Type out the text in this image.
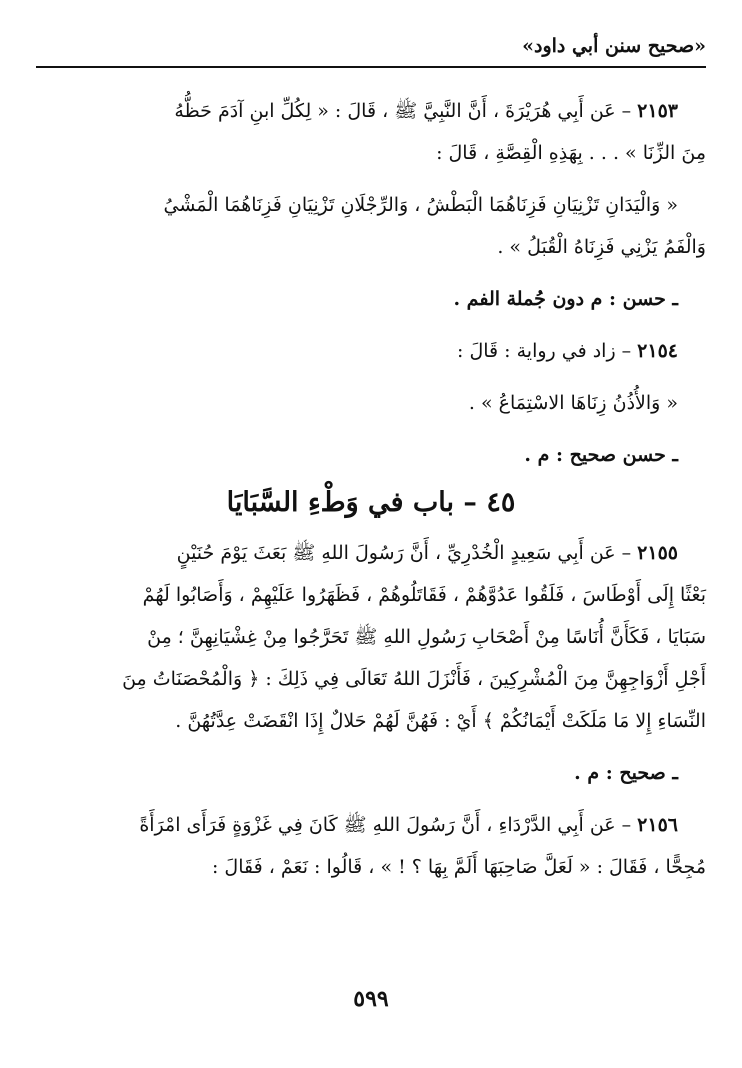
«صحيح سنن أبي داود»

٢١٥٣– عَن أَبِي هُرَيْرَةَ ، أَنَّ النَّبِيَّ ﷺ ، قَالَ : « لِكُلِّ ابنِ آدَمَ حَظُّهُ

مِنَ الزِّنَا » . . . بِهَذِهِ الْقِصَّةِ ، قَالَ :

« وَالْيَدَانِ تَزْنِيَانِ فَزِنَاهُمَا الْبَطْشُ ، وَالرِّجْلَانِ تَزْنِيَانِ فَزِنَاهُمَا الْمَشْيُ

وَالْفَمُ يَزْنِي فَزِنَاهُ الْقُبَلُ » .

ـ حسن : م دون جُملة الفم .

٢١٥٤– زاد في رواية : قَالَ :

« وَالأُذُنُ زِنَاهَا الاسْتِمَاعُ » .

ـ حسن صحيح : م .

٤٥ – باب في وَطْءِ السَّبَايَا

٢١٥٥– عَن أَبِي سَعِيدٍ الْخُدْرِيِّ ، أَنَّ رَسُولَ اللهِ ﷺ بَعَثَ يَوْمَ حُنَيْنٍ

بَعْثًا إِلَى أَوْطَاسَ ، فَلَقُوا عَدُوَّهُمْ ، فَقَاتَلُوهُمْ ، فَظَهَرُوا عَلَيْهِمْ ، وَأَصَابُوا لَهُمْ

سَبَايَا ، فَكَأَنَّ أُنَاسًا مِنْ أَصْحَابِ رَسُولِ اللهِ ﷺ تَحَرَّجُوا مِنْ غِشْيَانِهِنَّ ؛ مِنْ

أَجْلِ أَزْوَاجِهِنَّ مِنَ الْمُشْرِكِينَ ، فَأَنْزَلَ اللهُ تَعَالَى فِي ذَلِكَ : ﴿ وَالْمُحْصَنَاتُ مِنَ

النِّسَاءِ إِلا مَا مَلَكَتْ أَيْمَانُكُمْ ﴾ أَيْ : فَهُنَّ لَهُمْ حَلالٌ إِذَا انْقَضَتْ عِدَّتُهُنَّ .

ـ صحيح : م .

٢١٥٦– عَن أَبِي الدَّرْدَاءِ ، أَنَّ رَسُولَ اللهِ ﷺ كَانَ فِي غَزْوَةٍ فَرَأَى امْرَأَةً

مُجِحًّا ، فَقَالَ : « لَعَلَّ صَاحِبَهَا أَلَمَّ بِهَا ؟ ! » ، قَالُوا : نَعَمْ ، فَقَالَ :

٥٩٩
